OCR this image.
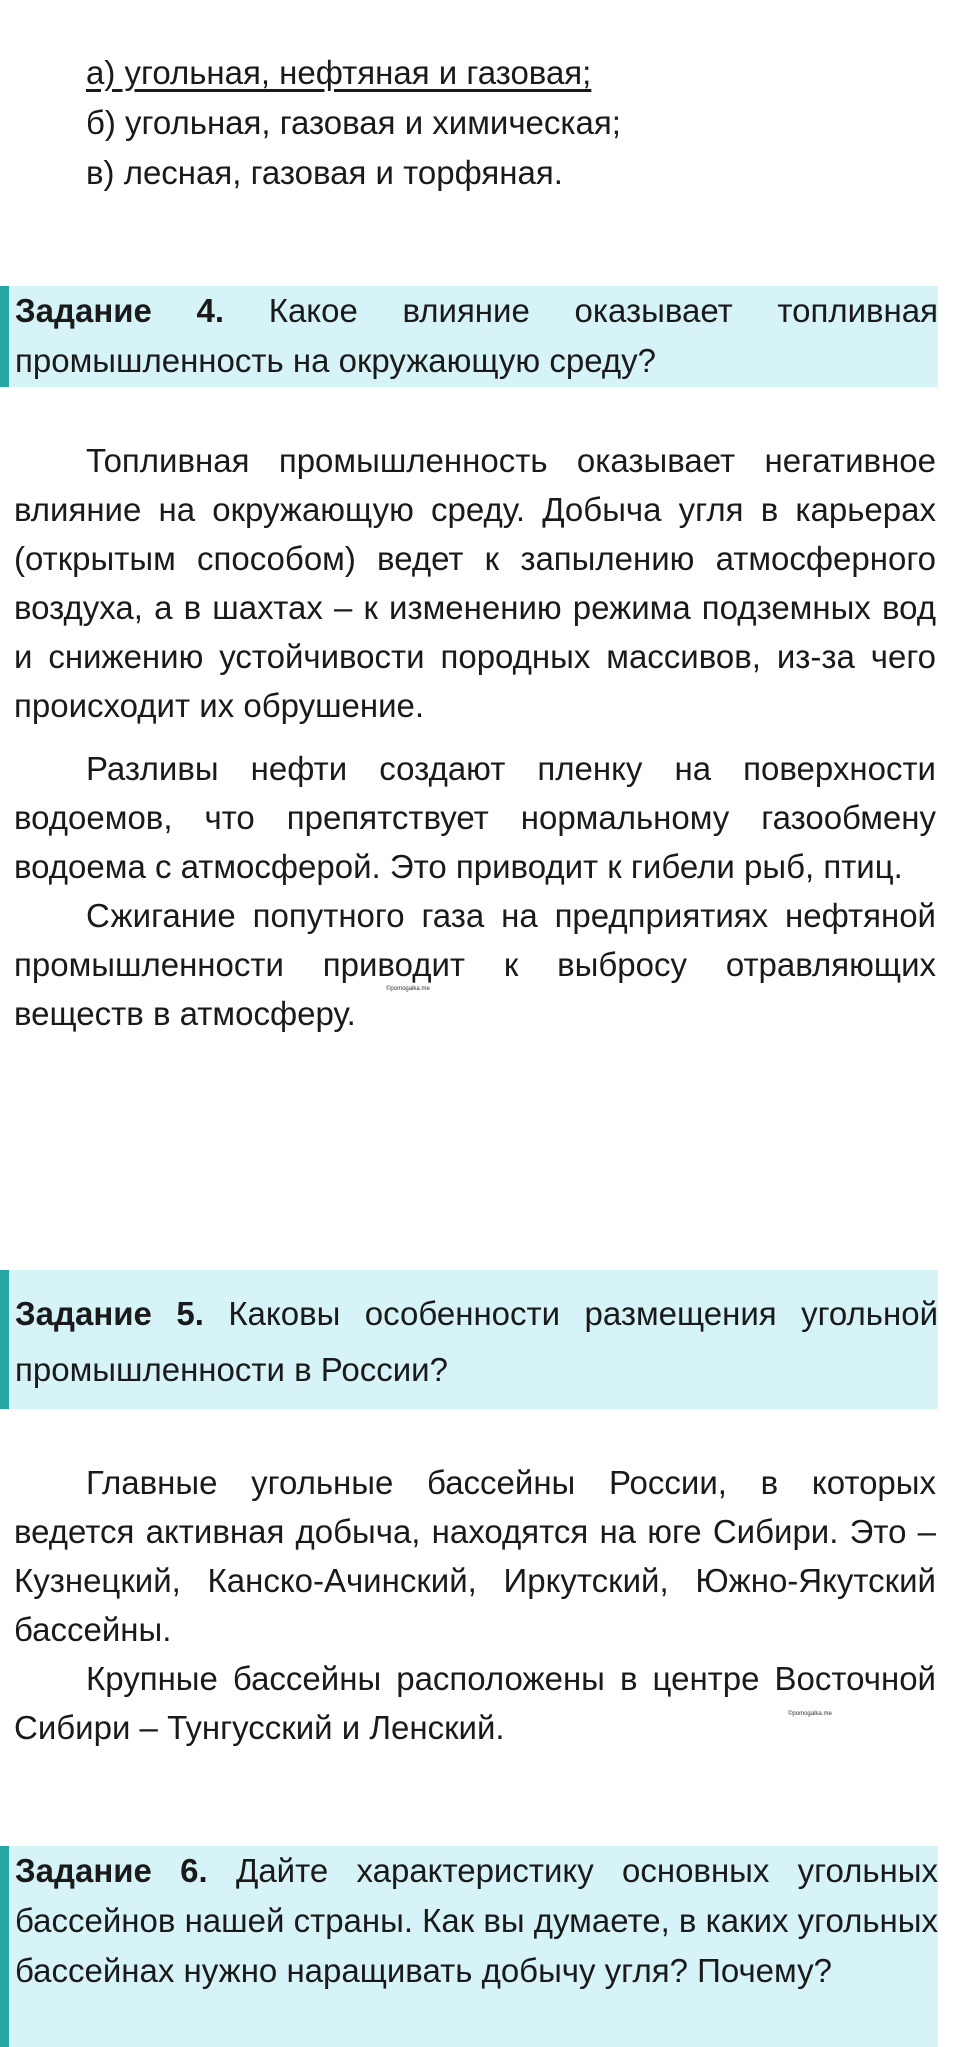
а) угольная, нефтяная и газовая;
б) угольная, газовая и химическая;
в) лесная, газовая и торфяная.
Задание 4. Какое влияние оказывает топливная промышленность на окружающую среду?

Топливная промышленность оказывает негативное влияние на окружающую среду. Добыча угля в карьерах (открытым способом) ведет к запылению атмосферного воздуха, а в шахтах – к изменению режима подземных вод и снижению устойчивости породных массивов, из-за чего происходит их обрушение.

Разливы нефти создают пленку на поверхности водоемов, что препятствует нормальному газообмену водоема с атмосферой. Это приводит к гибели рыб, птиц.

Сжигание попутного газа на предприятиях нефтяной промышленности приводит к выбросу отравляющих веществ в атмосферу.

©pomogalka.me
Задание 5. Каковы особенности размещения угольной промышленности в России?

Главные угольные бассейны России, в которых ведется активная добыча, находятся на юге Сибири. Это – Кузнецкий, Канско-Ачинский, Иркутский, Южно-Якутский бассейны.

Крупные бассейны расположены в центре Восточной Сибири – Тунгусский и Ленский.	©pomogalka.me
Задание 6. Дайте характеристику основных угольных бассейнов нашей страны. Как вы думаете, в каких угольных бассейнах нужно наращивать добычу угля? Почему?
